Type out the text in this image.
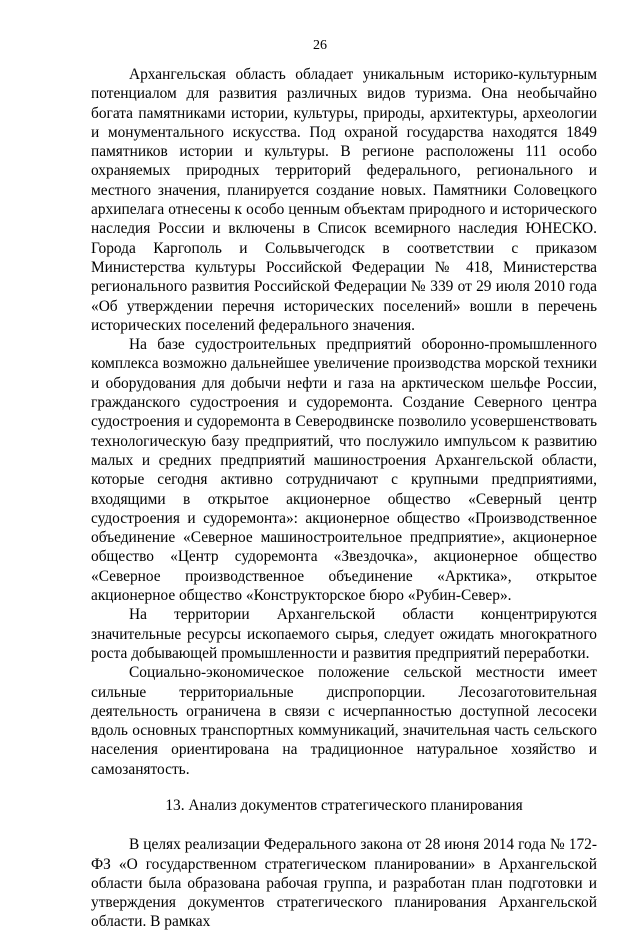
26

Архангельская область обладает уникальным историко-культурным потенциалом для развития различных видов туризма. Она необычайно богата памятниками истории, культуры, природы, архитектуры, археологии и монументального искусства. Под охраной государства находятся 1849 памятников истории и культуры. В регионе расположены 111 особо охраняемых природных территорий федерального, регионального и местного значения, планируется создание новых. Памятники Соловецкого архипелага отнесены к особо ценным объектам природного и исторического наследия России и включены в Список всемирного наследия ЮНЕСКО. Города Каргополь и Сольвычегодск в соответствии с приказом Министерства культуры Российской Федерации № 418, Министерства регионального развития Российской Федерации № 339 от 29 июля 2010 года «Об утверждении перечня исторических поселений» вошли в перечень исторических поселений федерального значения.

На базе судостроительных предприятий оборонно-промышленного комплекса возможно дальнейшее увеличение производства морской техники и оборудования для добычи нефти и газа на арктическом шельфе России, гражданского судостроения и судоремонта. Создание Северного центра судостроения и судоремонта в Северодвинске позволило усовершенствовать технологическую базу предприятий, что послужило импульсом к развитию малых и средних предприятий машиностроения Архангельской области, которые сегодня активно сотрудничают с крупными предприятиями, входящими в открытое акционерное общество «Северный центр судостроения и судоремонта»: акционерное общество «Производственное объединение «Северное машиностроительное предприятие», акционерное общество «Центр судоремонта «Звездочка», акционерное общество «Северное производственное объединение «Арктика», открытое акционерное общество «Конструкторское бюро «Рубин-Север».

На территории Архангельской области концентрируются значительные ресурсы ископаемого сырья, следует ожидать многократного роста добывающей промышленности и развития предприятий переработки.

Социально-экономическое положение сельской местности имеет сильные территориальные диспропорции. Лесозаготовительная деятельность ограничена в связи с исчерпанностью доступной лесосеки вдоль основных транспортных коммуникаций, значительная часть сельского населения ориентирована на традиционное натуральное хозяйство и самозанятость.

13. Анализ документов стратегического планирования

В целях реализации Федерального закона от 28 июня 2014 года № 172-ФЗ «О государственном стратегическом планировании» в Архангельской области была образована рабочая группа, и разработан план подготовки и утверждения документов стратегического планирования Архангельской области. В рамках
